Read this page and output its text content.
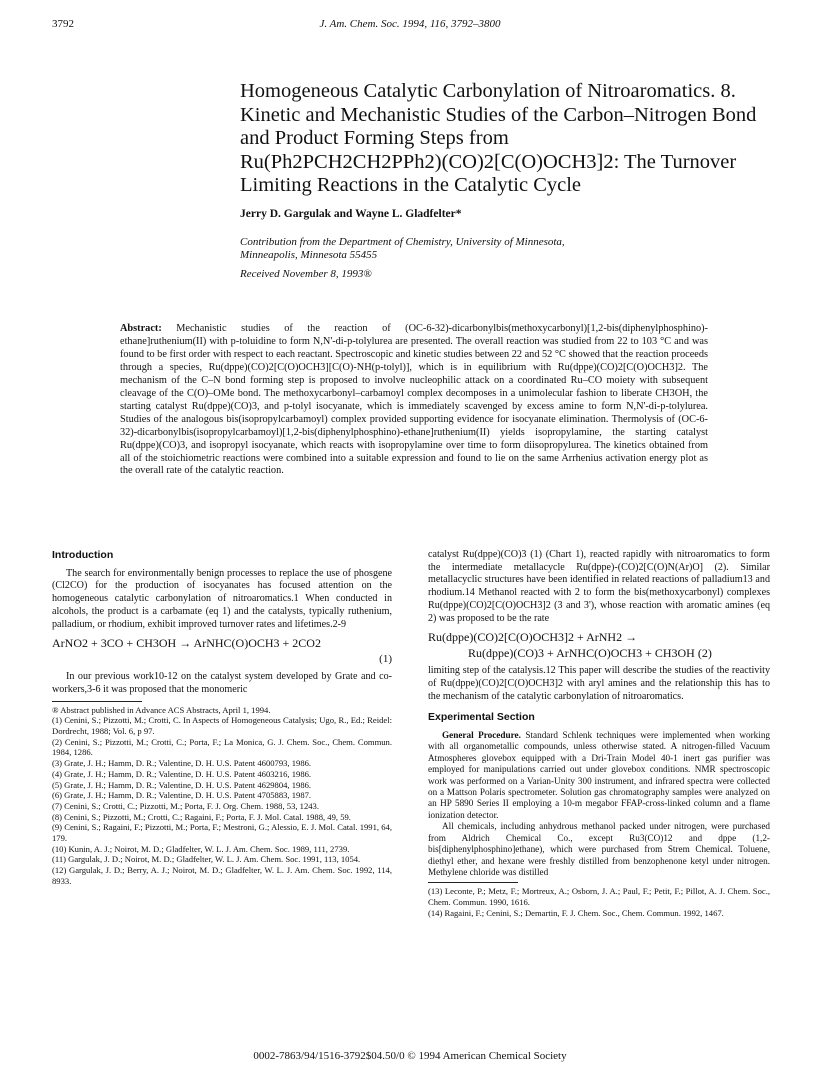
3792	J. Am. Chem. Soc. 1994, 116, 3792–3800
Homogeneous Catalytic Carbonylation of Nitroaromatics. 8.
Kinetic and Mechanistic Studies of the Carbon–Nitrogen Bond
and Product Forming Steps from
Ru(Ph2PCH2CH2PPh2)(CO)2[C(O)OCH3]2: The Turnover
Limiting Reactions in the Catalytic Cycle
Jerry D. Gargulak and Wayne L. Gladfelter*
Contribution from the Department of Chemistry, University of Minnesota,
Minneapolis, Minnesota 55455
Received November 8, 1993®
Abstract: Mechanistic studies of the reaction of (OC-6-32)-dicarbonylbis(methoxycarbonyl)[1,2-bis(diphenylphosphino)-ethane]ruthenium(II) with p-toluidine to form N,N'-di-p-tolylurea are presented. The overall reaction was studied from 22 to 103 °C and was found to be first order with respect to each reactant. Spectroscopic and kinetic studies between 22 and 52 °C showed that the reaction proceeds through a species, Ru(dppe)(CO)2[C(O)OCH3][C(O)-NH(p-tolyl)], which is in equilibrium with Ru(dppe)(CO)2[C(O)OCH3]2. The mechanism of the C–N bond forming step is proposed to involve nucleophilic attack on a coordinated Ru–CO moiety with subsequent cleavage of the C(O)–OMe bond. The methoxycarbonyl–carbamoyl complex decomposes in a unimolecular fashion to liberate CH3OH, the starting catalyst Ru(dppe)(CO)3, and p-tolyl isocyanate, which is immediately scavenged by excess amine to form N,N'-di-p-tolylurea. Studies of the analogous bis(isopropylcarbamoyl) complex provided supporting evidence for isocyanate elimination. Thermolysis of (OC-6-32)-dicarbonylbis(isopropylcarbamoyl)[1,2-bis(diphenylphosphino)-ethane]ruthenium(II) yields isopropylamine, the starting catalyst Ru(dppe)(CO)3, and isopropyl isocyanate, which reacts with isopropylamine over time to form diisopropylurea. The kinetics obtained from all of the stoichiometric reactions were combined into a suitable expression and found to lie on the same Arrhenius activation energy plot as the overall rate of the catalytic reaction.
Introduction

The search for environmentally benign processes to replace the use of phosgene (Cl2CO) for the production of isocyanates has focused attention on the homogeneous catalytic carbonylation of nitroaromatics.1 When conducted in alcohols, the product is a carbamate (eq 1) and the catalysts, typically ruthenium, palladium, or rhodium, exhibit improved turnover rates and lifetimes.2-9

ArNO2 + 3CO + CH3OH → ArNHC(O)OCH3 + 2CO2
(1)

In our previous work10-12 on the catalyst system developed by Grate and co-workers,3-6 it was proposed that the monomeric

® Abstract published in Advance ACS Abstracts, April 1, 1994.
(1) Cenini, S.; Pizzotti, M.; Crotti, C. In Aspects of Homogeneous Catalysis; Ugo, R., Ed.; Reidel: Dordrecht, 1988; Vol. 6, p 97.
(2) Cenini, S.; Pizzotti, M.; Crotti, C.; Porta, F.; La Monica, G. J. Chem. Soc., Chem. Commun. 1984, 1286.
(3) Grate, J. H.; Hamm, D. R.; Valentine, D. H. U.S. Patent 4600793, 1986.
(4) Grate, J. H.; Hamm, D. R.; Valentine, D. H. U.S. Patent 4603216, 1986.
(5) Grate, J. H.; Hamm, D. R.; Valentine, D. H. U.S. Patent 4629804, 1986.
(6) Grate, J. H.; Hamm, D. R.; Valentine, D. H. U.S. Patent 4705883, 1987.
(7) Cenini, S.; Crotti, C.; Pizzotti, M.; Porta, F. J. Org. Chem. 1988, 53, 1243.
(8) Cenini, S.; Pizzotti, M.; Crotti, C.; Ragaini, F.; Porta, F. J. Mol. Catal. 1988, 49, 59.
(9) Cenini, S.; Ragaini, F.; Pizzotti, M.; Porta, F.; Mestroni, G.; Alessio, E. J. Mol. Catal. 1991, 64, 179.
(10) Kunin, A. J.; Noirot, M. D.; Gladfelter, W. L. J. Am. Chem. Soc. 1989, 111, 2739.
(11) Gargulak, J. D.; Noirot, M. D.; Gladfelter, W. L. J. Am. Chem. Soc. 1991, 113, 1054.
(12) Gargulak, J. D.; Berry, A. J.; Noirot, M. D.; Gladfelter, W. L. J. Am. Chem. Soc. 1992, 114, 8933.

catalyst Ru(dppe)(CO)3 (1) (Chart 1), reacted rapidly with nitroaromatics to form the intermediate metallacycle Ru(dppe)-(CO)2[C(O)N(Ar)O] (2). Similar metallacyclic structures have been identified in related reactions of palladium13 and rhodium.14 Methanol reacted with 2 to form the bis(methoxycarbonyl) complexes Ru(dppe)(CO)2[C(O)OCH3]2 (3 and 3'), whose reaction with aromatic amines (eq 2) was proposed to be the rate

Ru(dppe)(CO)2[C(O)OCH3]2 + ArNH2 →
Ru(dppe)(CO)3 + ArNHC(O)OCH3 + CH3OH (2)

limiting step of the catalysis.12 This paper will describe the studies of the reactivity of Ru(dppe)(CO)2[C(O)OCH3]2 with aryl amines and the relationship this has to the mechanism of the catalytic carbonylation of nitroaromatics.

Experimental Section

General Procedure. Standard Schlenk techniques were implemented when working with all organometallic compounds, unless otherwise stated. A nitrogen-filled Vacuum Atmospheres glovebox equipped with a Dri-Train Model 40-1 inert gas purifier was employed for manipulations carried out under glovebox conditions. NMR spectroscopic work was performed on a Varian-Unity 300 instrument, and infrared spectra were collected on a Mattson Polaris spectrometer. Solution gas chromatography samples were analyzed on an HP 5890 Series II employing a 10-m megabor FFAP-cross-linked column and a flame ionization detector.

All chemicals, including anhydrous methanol packed under nitrogen, were purchased from Aldrich Chemical Co., except Ru3(CO)12 and dppe (1,2-bis[diphenylphosphino]ethane), which were purchased from Strem Chemical. Toluene, diethyl ether, and hexane were freshly distilled from benzophenone ketyl under nitrogen. Methylene chloride was distilled

(13) Leconte, P.; Metz, F.; Mortreux, A.; Osborn, J. A.; Paul, F.; Petit, F.; Pillot, A. J. Chem. Soc., Chem. Commun. 1990, 1616.
(14) Ragaini, F.; Cenini, S.; Demartin, F. J. Chem. Soc., Chem. Commun. 1992, 1467.
0002-7863/94/1516-3792$04.50/0 © 1994 American Chemical Society
